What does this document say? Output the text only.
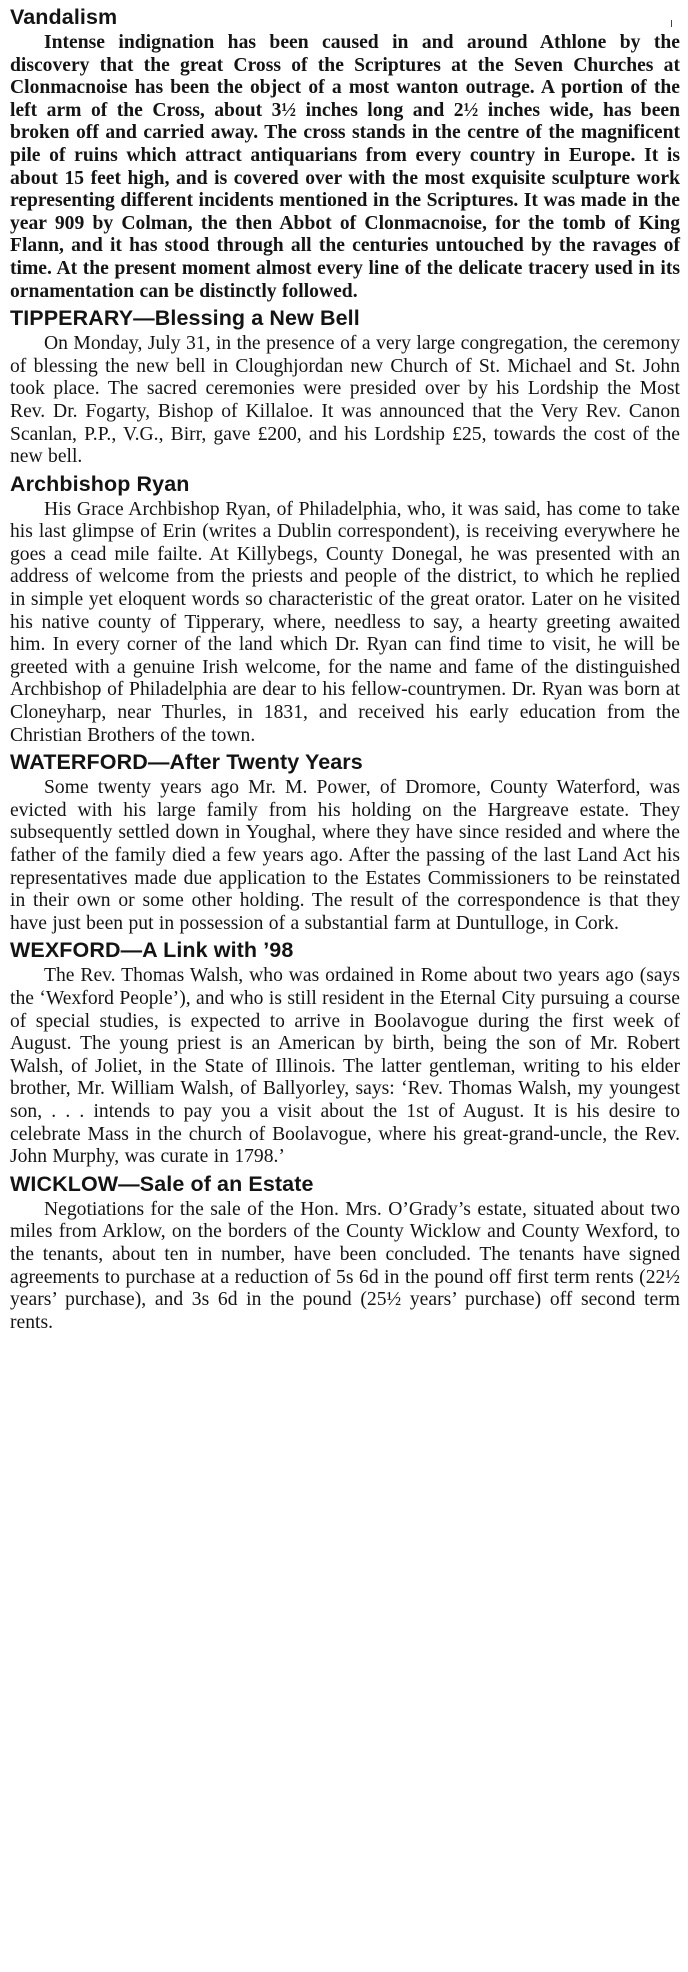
Vandalism

Intense indignation has been caused in and around Athlone by the discovery that the great Cross of the Scriptures at the Seven Churches at Clonmacnoise has been the object of a most wanton outrage. A portion of the left arm of the Cross, about 3½ inches long and 2½ inches wide, has been broken off and carried away. The cross stands in the centre of the magnificent pile of ruins which attract antiquarians from every country in Europe. It is about 15 feet high, and is covered over with the most exquisite sculpture work representing different incidents mentioned in the Scriptures. It was made in the year 909 by Colman, the then Abbot of Clonmacnoise, for the tomb of King Flann, and it has stood through all the centuries untouched by the ravages of time. At the present moment almost every line of the delicate tracery used in its ornamentation can be distinctly followed.

TIPPERARY—Blessing a New Bell

On Monday, July 31, in the presence of a very large congregation, the ceremony of blessing the new bell in Cloughjordan new Church of St. Michael and St. John took place. The sacred ceremonies were presided over by his Lordship the Most Rev. Dr. Fogarty, Bishop of Killaloe. It was announced that the Very Rev. Canon Scanlan, P.P., V.G., Birr, gave £200, and his Lordship £25, towards the cost of the new bell.

Archbishop Ryan

His Grace Archbishop Ryan, of Philadelphia, who, it was said, has come to take his last glimpse of Erin (writes a Dublin correspondent), is receiving everywhere he goes a cead mile failte. At Killybegs, County Donegal, he was presented with an address of welcome from the priests and people of the district, to which he replied in simple yet eloquent words so characteristic of the great orator. Later on he visited his native county of Tipperary, where, needless to say, a hearty greeting awaited him. In every corner of the land which Dr. Ryan can find time to visit, he will be greeted with a genuine Irish welcome, for the name and fame of the distinguished Archbishop of Philadelphia are dear to his fellow-countrymen. Dr. Ryan was born at Cloneyharp, near Thurles, in 1831, and received his early education from the Christian Brothers of the town.

WATERFORD—After Twenty Years

Some twenty years ago Mr. M. Power, of Dromore, County Waterford, was evicted with his large family from his holding on the Hargreave estate. They subsequently settled down in Youghal, where they have since resided and where the father of the family died a few years ago. After the passing of the last Land Act his representatives made due application to the Estates Commissioners to be reinstated in their own or some other holding. The result of the correspondence is that they have just been put in possession of a substantial farm at Duntulloge, in Cork.

WEXFORD—A Link with ’98

The Rev. Thomas Walsh, who was ordained in Rome about two years ago (says the ‘Wexford People’), and who is still resident in the Eternal City pursuing a course of special studies, is expected to arrive in Boolavogue during the first week of August. The young priest is an American by birth, being the son of Mr. Robert Walsh, of Joliet, in the State of Illinois. The latter gentleman, writing to his elder brother, Mr. William Walsh, of Ballyorley, says: ‘Rev. Thomas Walsh, my youngest son, . . . intends to pay you a visit about the 1st of August. It is his desire to celebrate Mass in the church of Boolavogue, where his great-grand-uncle, the Rev. John Murphy, was curate in 1798.’

WICKLOW—Sale of an Estate

Negotiations for the sale of the Hon. Mrs. O’Grady’s estate, situated about two miles from Arklow, on the borders of the County Wicklow and County Wexford, to the tenants, about ten in number, have been concluded. The tenants have signed agreements to purchase at a reduction of 5s 6d in the pound off first term rents (22½ years’ purchase), and 3s 6d in the pound (25½ years’ purchase) off second term rents.
